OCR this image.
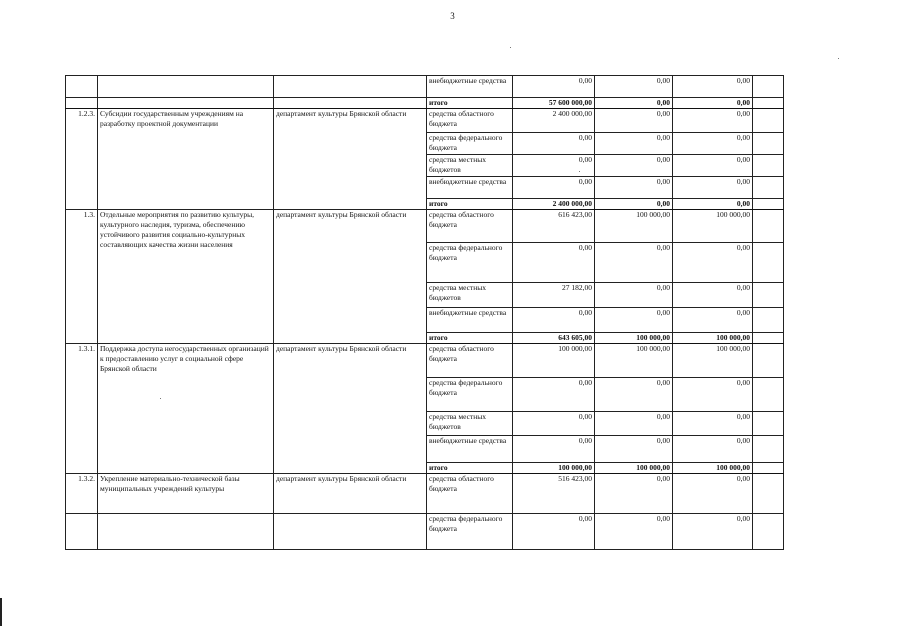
3
			внебюджетные средства	0,00	0,00	0,00	
			итого	57 600 000,00	0,00	0,00	
1.2.3.	Субсидии государственным учреждениям на разработку проектной документации	департамент культуры Брянской области	средства областного бюджета	2 400 000,00	0,00	0,00	
			средства федерального бюджета	0,00	0,00	0,00	
			средства местных бюджетов	0,00	0,00	0,00	
			внебюджетные средства	0,00	0,00	0,00	
			итого	2 400 000,00	0,00	0,00	
1.3.	Отдельные мероприятия по развитию культуры, культурного наследия, туризма, обеспечению устойчивого развития социально-культурных составляющих качества жизни населения	департамент культуры Брянской области	средства областного бюджета	616 423,00	100 000,00	100 000,00	
			средства федерального бюджета	0,00	0,00	0,00	
			средства местных бюджетов	27 182,00	0,00	0,00	
			внебюджетные средства	0,00	0,00	0,00	
			итого	643 605,00	100 000,00	100 000,00	
1.3.1.	Поддержка доступа негосударственных организаций к предоставлению услуг в социальной сфере Брянской области	департамент культуры Брянской области	средства областного бюджета	100 000,00	100 000,00	100 000,00	
			средства федерального бюджета	0,00	0,00	0,00	
			средства местных бюджетов	0,00	0,00	0,00	
			внебюджетные средства	0,00	0,00	0,00	
			итого	100 000,00	100 000,00	100 000,00	
1.3.2.	Укрепление материально-технической базы муниципальных учреждений культуры	департамент культуры Брянской области	средства областного бюджета	516 423,00	0,00	0,00	
			средства федерального бюджета	0,00	0,00	0,00	
